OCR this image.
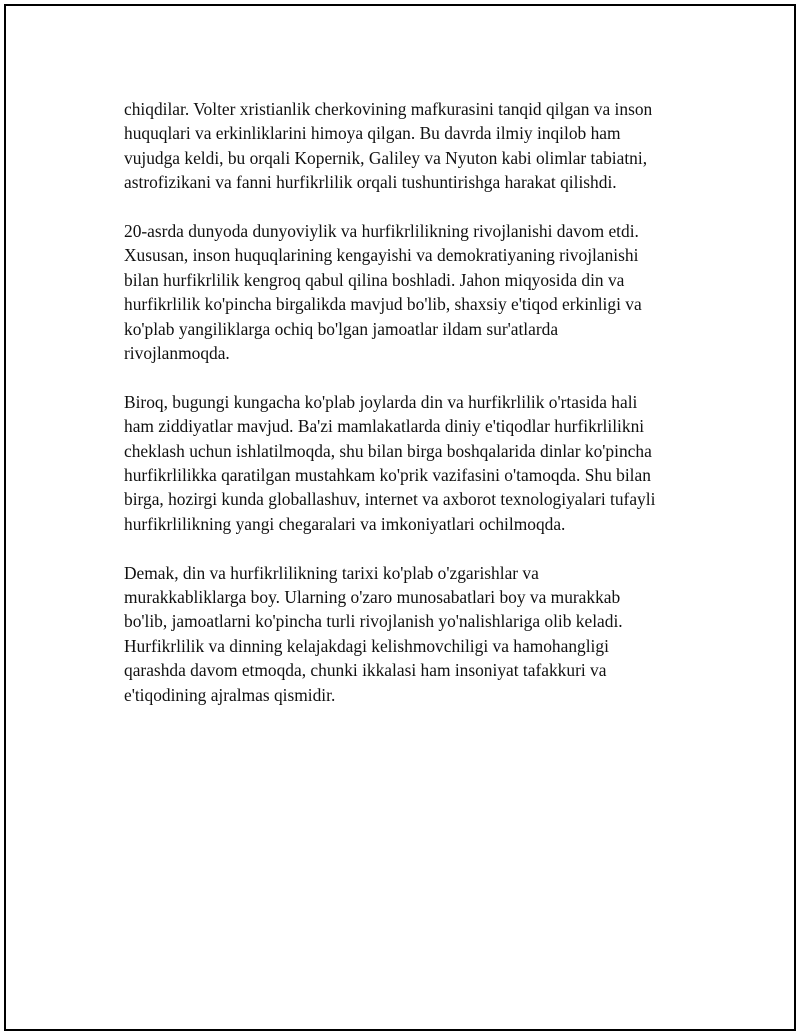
chiqdilar. Volter xristianlik cherkovining mafkurasini tanqid qilgan va inson
huquqlari va erkinliklarini himoya qilgan. Bu davrda ilmiy inqilob ham
vujudga keldi, bu orqali Kopernik, Galiley va Nyuton kabi olimlar tabiatni,
astrofizikani va fanni hurfikrlilik orqali tushuntirishga harakat qilishdi.

20-asrda dunyoda dunyoviylik va hurfikrlilikning rivojlanishi davom etdi.
Xususan, inson huquqlarining kengayishi va demokratiyaning rivojlanishi
bilan hurfikrlilik kengroq qabul qilina boshladi. Jahon miqyosida din va
hurfikrlilik ko'pincha birgalikda mavjud bo'lib, shaxsiy e'tiqod erkinligi va
ko'plab yangiliklarga ochiq bo'lgan jamoatlar ildam sur'atlarda
rivojlanmoqda.

Biroq, bugungi kungacha ko'plab joylarda din va hurfikrlilik o'rtasida hali
ham ziddiyatlar mavjud. Ba'zi mamlakatlarda diniy e'tiqodlar hurfikrlilikni
cheklash uchun ishlatilmoqda, shu bilan birga boshqalarida dinlar ko'pincha
hurfikrlilikka qaratilgan mustahkam ko'prik vazifasini o'tamoqda. Shu bilan
birga, hozirgi kunda globallashuv, internet va axborot texnologiyalari tufayli
hurfikrlilikning yangi chegaralari va imkoniyatlari ochilmoqda.

Demak, din va hurfikrlilikning tarixi ko'plab o'zgarishlar va
murakkabliklarga boy. Ularning o'zaro munosabatlari boy va murakkab
bo'lib, jamoatlarni ko'pincha turli rivojlanish yo'nalishlariga olib keladi.
Hurfikrlilik va dinning kelajakdagi kelishmovchiligi va hamohangligi
qarashda davom etmoqda, chunki ikkalasi ham insoniyat tafakkuri va
e'tiqodining ajralmas qismidir.
